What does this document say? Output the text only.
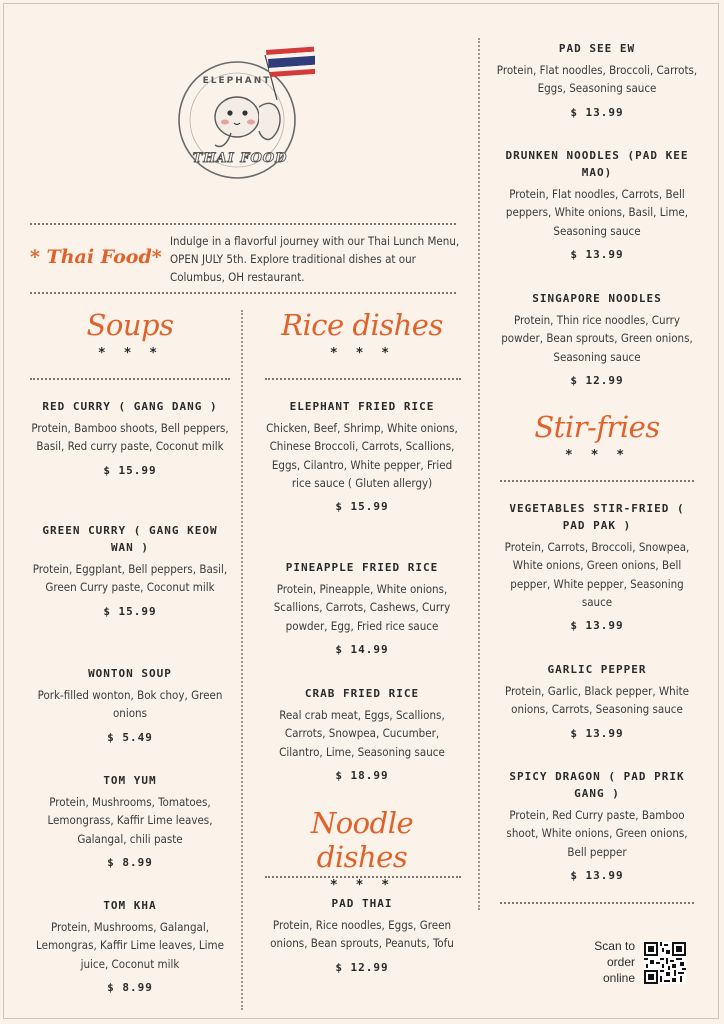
ELEPHANT
THAI FOOD
* Thai Food*
Indulge in a flavorful journey with our Thai Lunch Menu, OPEN JULY 5th. Explore traditional dishes at our Columbus, OH restaurant.
Soups
* * *
RED CURRY ( GANG DANG )
Protein, Bamboo shoots, Bell peppers, Basil, Red curry paste, Coconut milk
$ 15.99
GREEN CURRY ( GANG KEOW WAN )
Protein, Eggplant, Bell peppers, Basil, Green Curry paste, Coconut milk
$ 15.99
WONTON SOUP
Pork-filled wonton, Bok choy, Green onions
$ 5.49
TOM YUM
Protein, Mushrooms, Tomatoes, Lemongrass, Kaffir Lime leaves, Galangal, chili paste
$ 8.99
TOM KHA
Protein, Mushrooms, Galangal, Lemongras, Kaffir Lime leaves, Lime juice, Coconut milk
$ 8.99
Rice dishes
* * *
ELEPHANT FRIED RICE
Chicken, Beef, Shrimp, White onions, Chinese Broccoli, Carrots, Scallions, Eggs, Cilantro, White pepper, Fried rice sauce ( Gluten allergy)
$ 15.99
PINEAPPLE FRIED RICE
Protein, Pineapple, White onions, Scallions, Carrots, Cashews, Curry powder, Egg, Fried rice sauce
$ 14.99
CRAB FRIED RICE
Real crab meat, Eggs, Scallions, Carrots, Snowpea, Cucumber, Cilantro, Lime, Seasoning sauce
$ 18.99
Noodle dishes
* * *
PAD THAI
Protein, Rice noodles, Eggs, Green onions, Bean sprouts, Peanuts, Tofu
$ 12.99
PAD SEE EW
Protein, Flat noodles, Broccoli, Carrots, Eggs, Seasoning sauce
$ 13.99
DRUNKEN NOODLES (PAD KEE MAO)
Protein, Flat noodles, Carrots, Bell peppers, White onions, Basil, Lime, Seasoning sauce
$ 13.99
SINGAPORE NOODLES
Protein, Thin rice noodles, Curry powder, Bean sprouts, Green onions, Seasoning sauce
$ 12.99
Stir-fries
* * *
VEGETABLES STIR-FRIED ( PAD PAK )
Protein, Carrots, Broccoli, Snowpea, White onions, Green onions, Bell pepper, White pepper, Seasoning sauce
$ 13.99
GARLIC PEPPER
Protein, Garlic, Black pepper, White onions, Carrots, Seasoning sauce
$ 13.99
SPICY DRAGON ( PAD PRIK GANG )
Protein, Red Curry paste, Bamboo shoot, White onions, Green onions, Bell pepper
$ 13.99
Scan to order online
